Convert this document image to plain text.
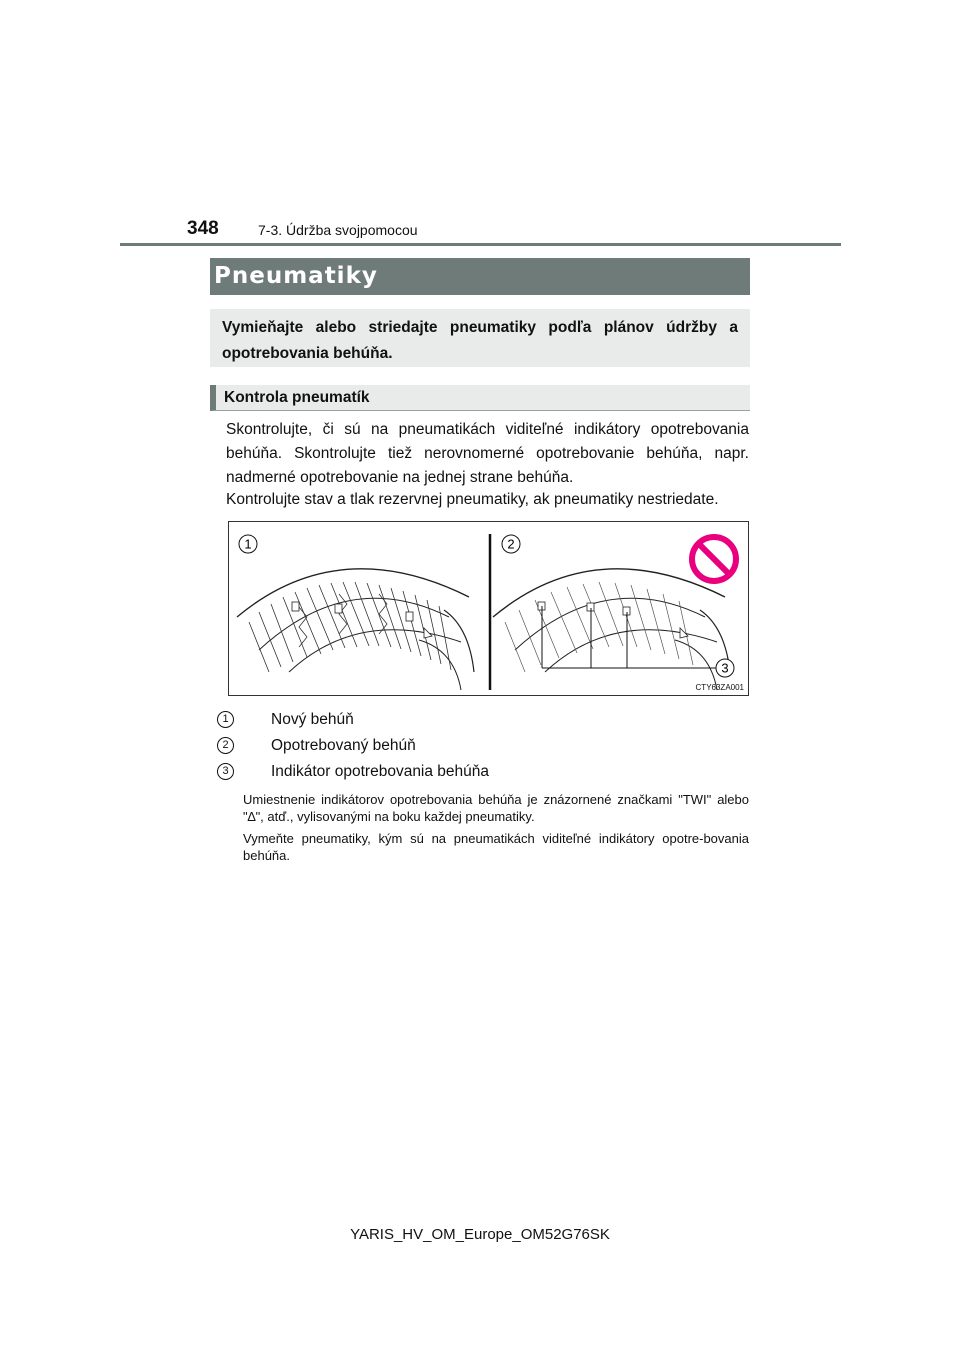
348	7-3. Údržba svojpomocou
Pneumatiky
Vymieňajte alebo striedajte pneumatiky podľa plánov údržby a opotrebovania behúňa.
Kontrola pneumatík

Skontrolujte, či sú na pneumatikách viditeľné indikátory opotrebovania behúňa. Skontrolujte tiež nerovnomerné opotrebovanie behúňa, napr. nadmerné opotrebovanie na jednej strane behúňa.

Kontrolujte stav a tlak rezervnej pneumatiky, ak pneumatiky nestriedate.

1	2
3
CTY63ZA001
1	Nový behúň
2	Opotrebovaný behúň
3	Indikátor opotrebovania behúňa

Umiestnenie indikátorov opotrebovania behúňa je znázornené značkami "TWI" alebo "∆", atď., vylisovanými na boku každej pneumatiky.

Vymeňte pneumatiky, kým sú na pneumatikách viditeľné indikátory opotre-bovania behúňa.

YARIS_HV_OM_Europe_OM52G76SK
